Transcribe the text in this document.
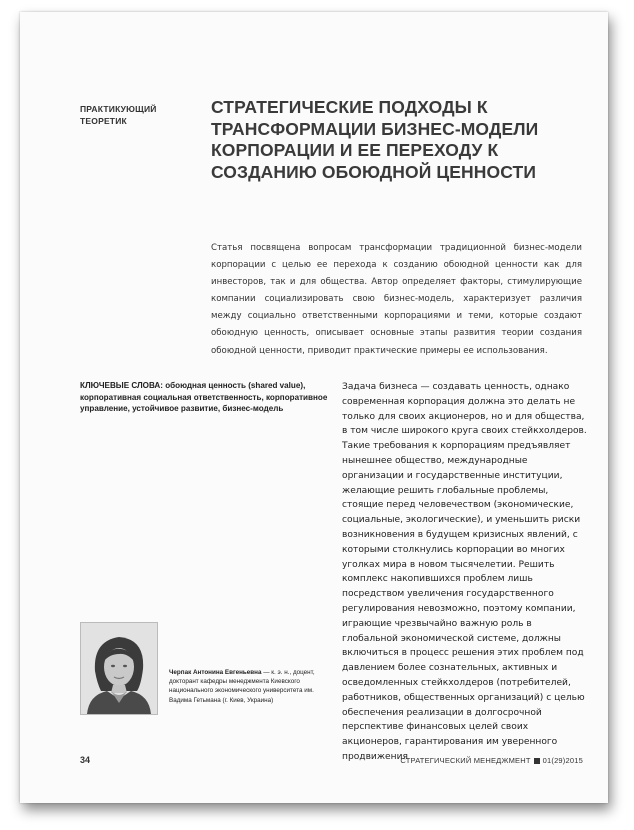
ПРАКТИКУЮЩИЙ
ТЕОРЕТИК
СТРАТЕГИЧЕСКИЕ ПОДХОДЫ К ТРАНСФОРМАЦИИ БИЗНЕС-МОДЕЛИ КОРПОРАЦИИ И ЕЕ ПЕРЕХОДУ К СОЗДАНИЮ ОБОЮДНОЙ ЦЕННОСТИ

Статья посвящена вопросам трансформации традиционной бизнес-модели корпорации с целью ее перехода к созданию обоюдной ценности как для инвесторов, так и для общества. Автор определяет факторы, стимулирующие компании социализировать свою бизнес-модель, характеризует различия между социально ответственными корпорациями и теми, которые создают обоюдную ценность, описывает основные этапы развития теории создания обоюдной ценности, приводит практические примеры ее использования.

КЛЮЧЕВЫЕ СЛОВА: обоюдная ценность (shared value), корпоративная социальная ответственность, корпоративное управление, устойчивое развитие, бизнес-модель

Задача бизнеса — создавать ценность, однако современная корпорация должна это делать не только для своих акционеров, но и для общества, в том числе широкого круга своих стейкхолдеров. Такие требования к корпорациям предъявляет нынешнее общество, международные организации и государственные институции, желающие решить глобальные проблемы, стоящие перед человечеством (экономические, социальные, экологические), и уменьшить риски возникновения в будущем кризисных явлений, с которыми столкнулись корпорации во многих уголках мира в новом тысячелетии. Решить комплекс накопившихся проблем лишь посредством увеличения государственного регулирования невозможно, поэтому компании, играющие чрезвычайно важную роль в глобальной экономической системе, должны включиться в процесс решения этих проблем под давлением более сознательных, активных и осведомленных стейкхолдеров (потребителей, работников, общественных организаций) с целью обеспечения реализации в долгосрочной перспективе финансовых целей своих акционеров, гарантирования им уверенного продвижения

Черпак Антонина Евгеньевна — к. э. н., доцент, докторант кафедры менеджмента Киевского национального экономического университета им. Вадима Гетьмана (г. Киев, Украина)

34	СТРАТЕГИЧЕСКИЙ МЕНЕДЖМЕНТ 01(29)2015
